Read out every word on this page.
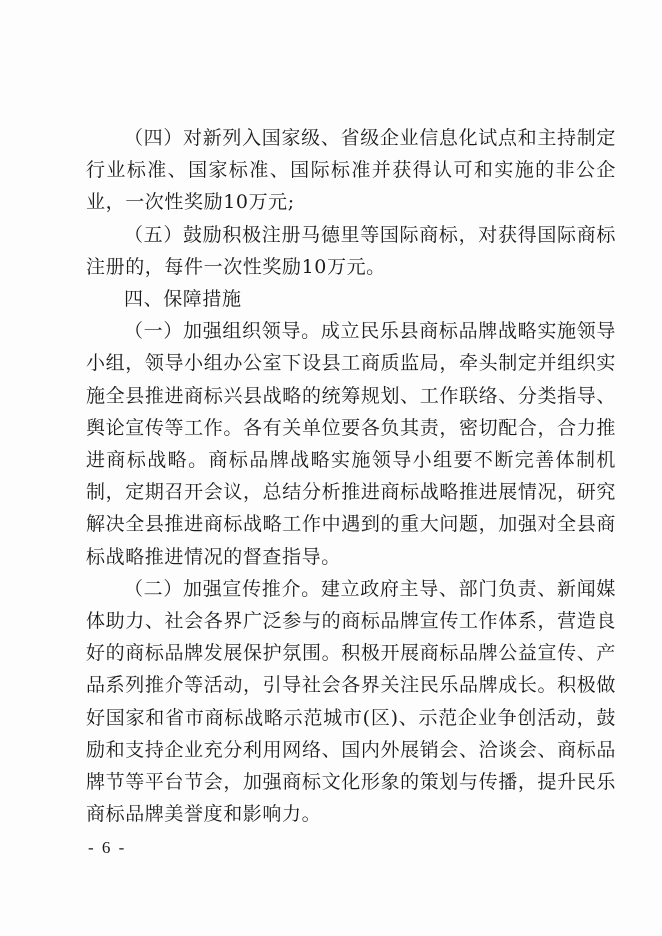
（四）对新列入国家级、省级企业信息化试点和主持制定行业标准、国家标准、国际标准并获得认可和实施的非公企业，一次性奖励10万元;

（五）鼓励积极注册马德里等国际商标，对获得国际商标注册的，每件一次性奖励10万元。

四、保障措施

（一）加强组织领导。成立民乐县商标品牌战略实施领导小组，领导小组办公室下设县工商质监局，牵头制定并组织实施全县推进商标兴县战略的统筹规划、工作联络、分类指导、舆论宣传等工作。各有关单位要各负其责，密切配合，合力推进商标战略。商标品牌战略实施领导小组要不断完善体制机制，定期召开会议，总结分析推进商标战略推进展情况，研究解决全县推进商标战略工作中遇到的重大问题，加强对全县商标战略推进情况的督查指导。

（二）加强宣传推介。建立政府主导、部门负责、新闻媒体助力、社会各界广泛参与的商标品牌宣传工作体系，营造良好的商标品牌发展保护氛围。积极开展商标品牌公益宣传、产品系列推介等活动，引导社会各界关注民乐品牌成长。积极做好国家和省市商标战略示范城市(区)、示范企业争创活动，鼓励和支持企业充分利用网络、国内外展销会、洽谈会、商标品牌节等平台节会，加强商标文化形象的策划与传播，提升民乐商标品牌美誉度和影响力。

- 6 -
